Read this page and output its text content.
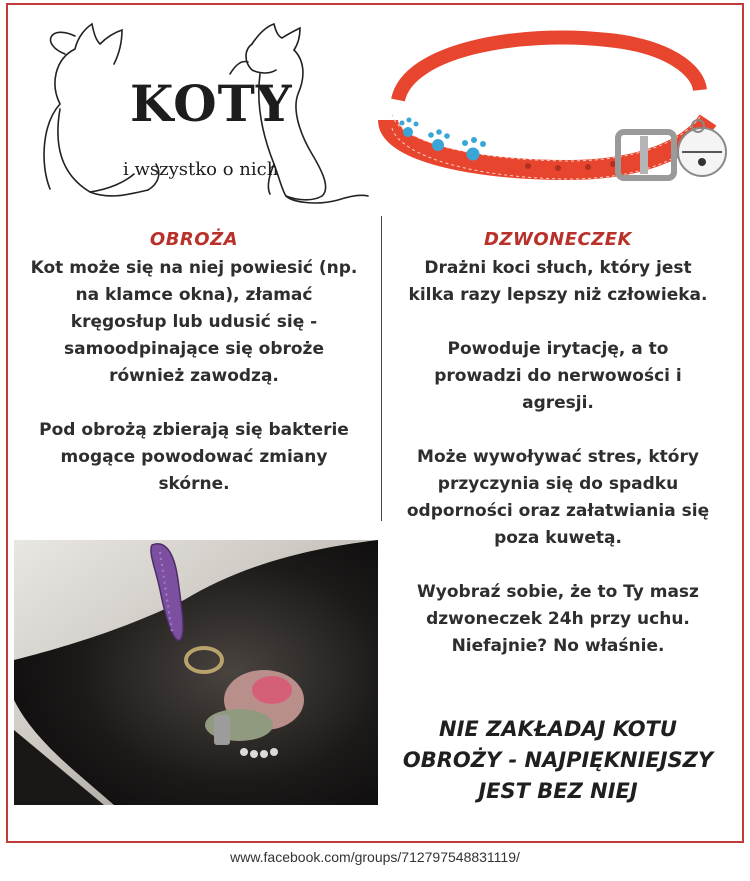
KOTY
i wszystko o nich
OBROŻA

Kot może się na niej powiesić (np.
na klamce okna), złamać
kręgosłup lub udusić się -
samoodpinające się obroże
również zawodzą.

Pod obrożą zbierają się bakterie
mogące powodować zmiany
skórne.

DZWONECZEK

Drażni koci słuch, który jest
kilka razy lepszy niż człowieka.

Powoduje irytację, a to
prowadzi do nerwowości i
agresji.

Może wywoływać stres, który
przyczynia się do spadku
odporności oraz załatwiania się
poza kuwetą.

Wyobraź sobie, że to Ty masz
dzwoneczek 24h przy uchu.
Niefajnie? No właśnie.

NIE ZAKŁADAJ KOTU
OBROŻY - NAJPIĘKNIEJSZY
JEST BEZ NIEJ
www.facebook.com/groups/712797548831119/
